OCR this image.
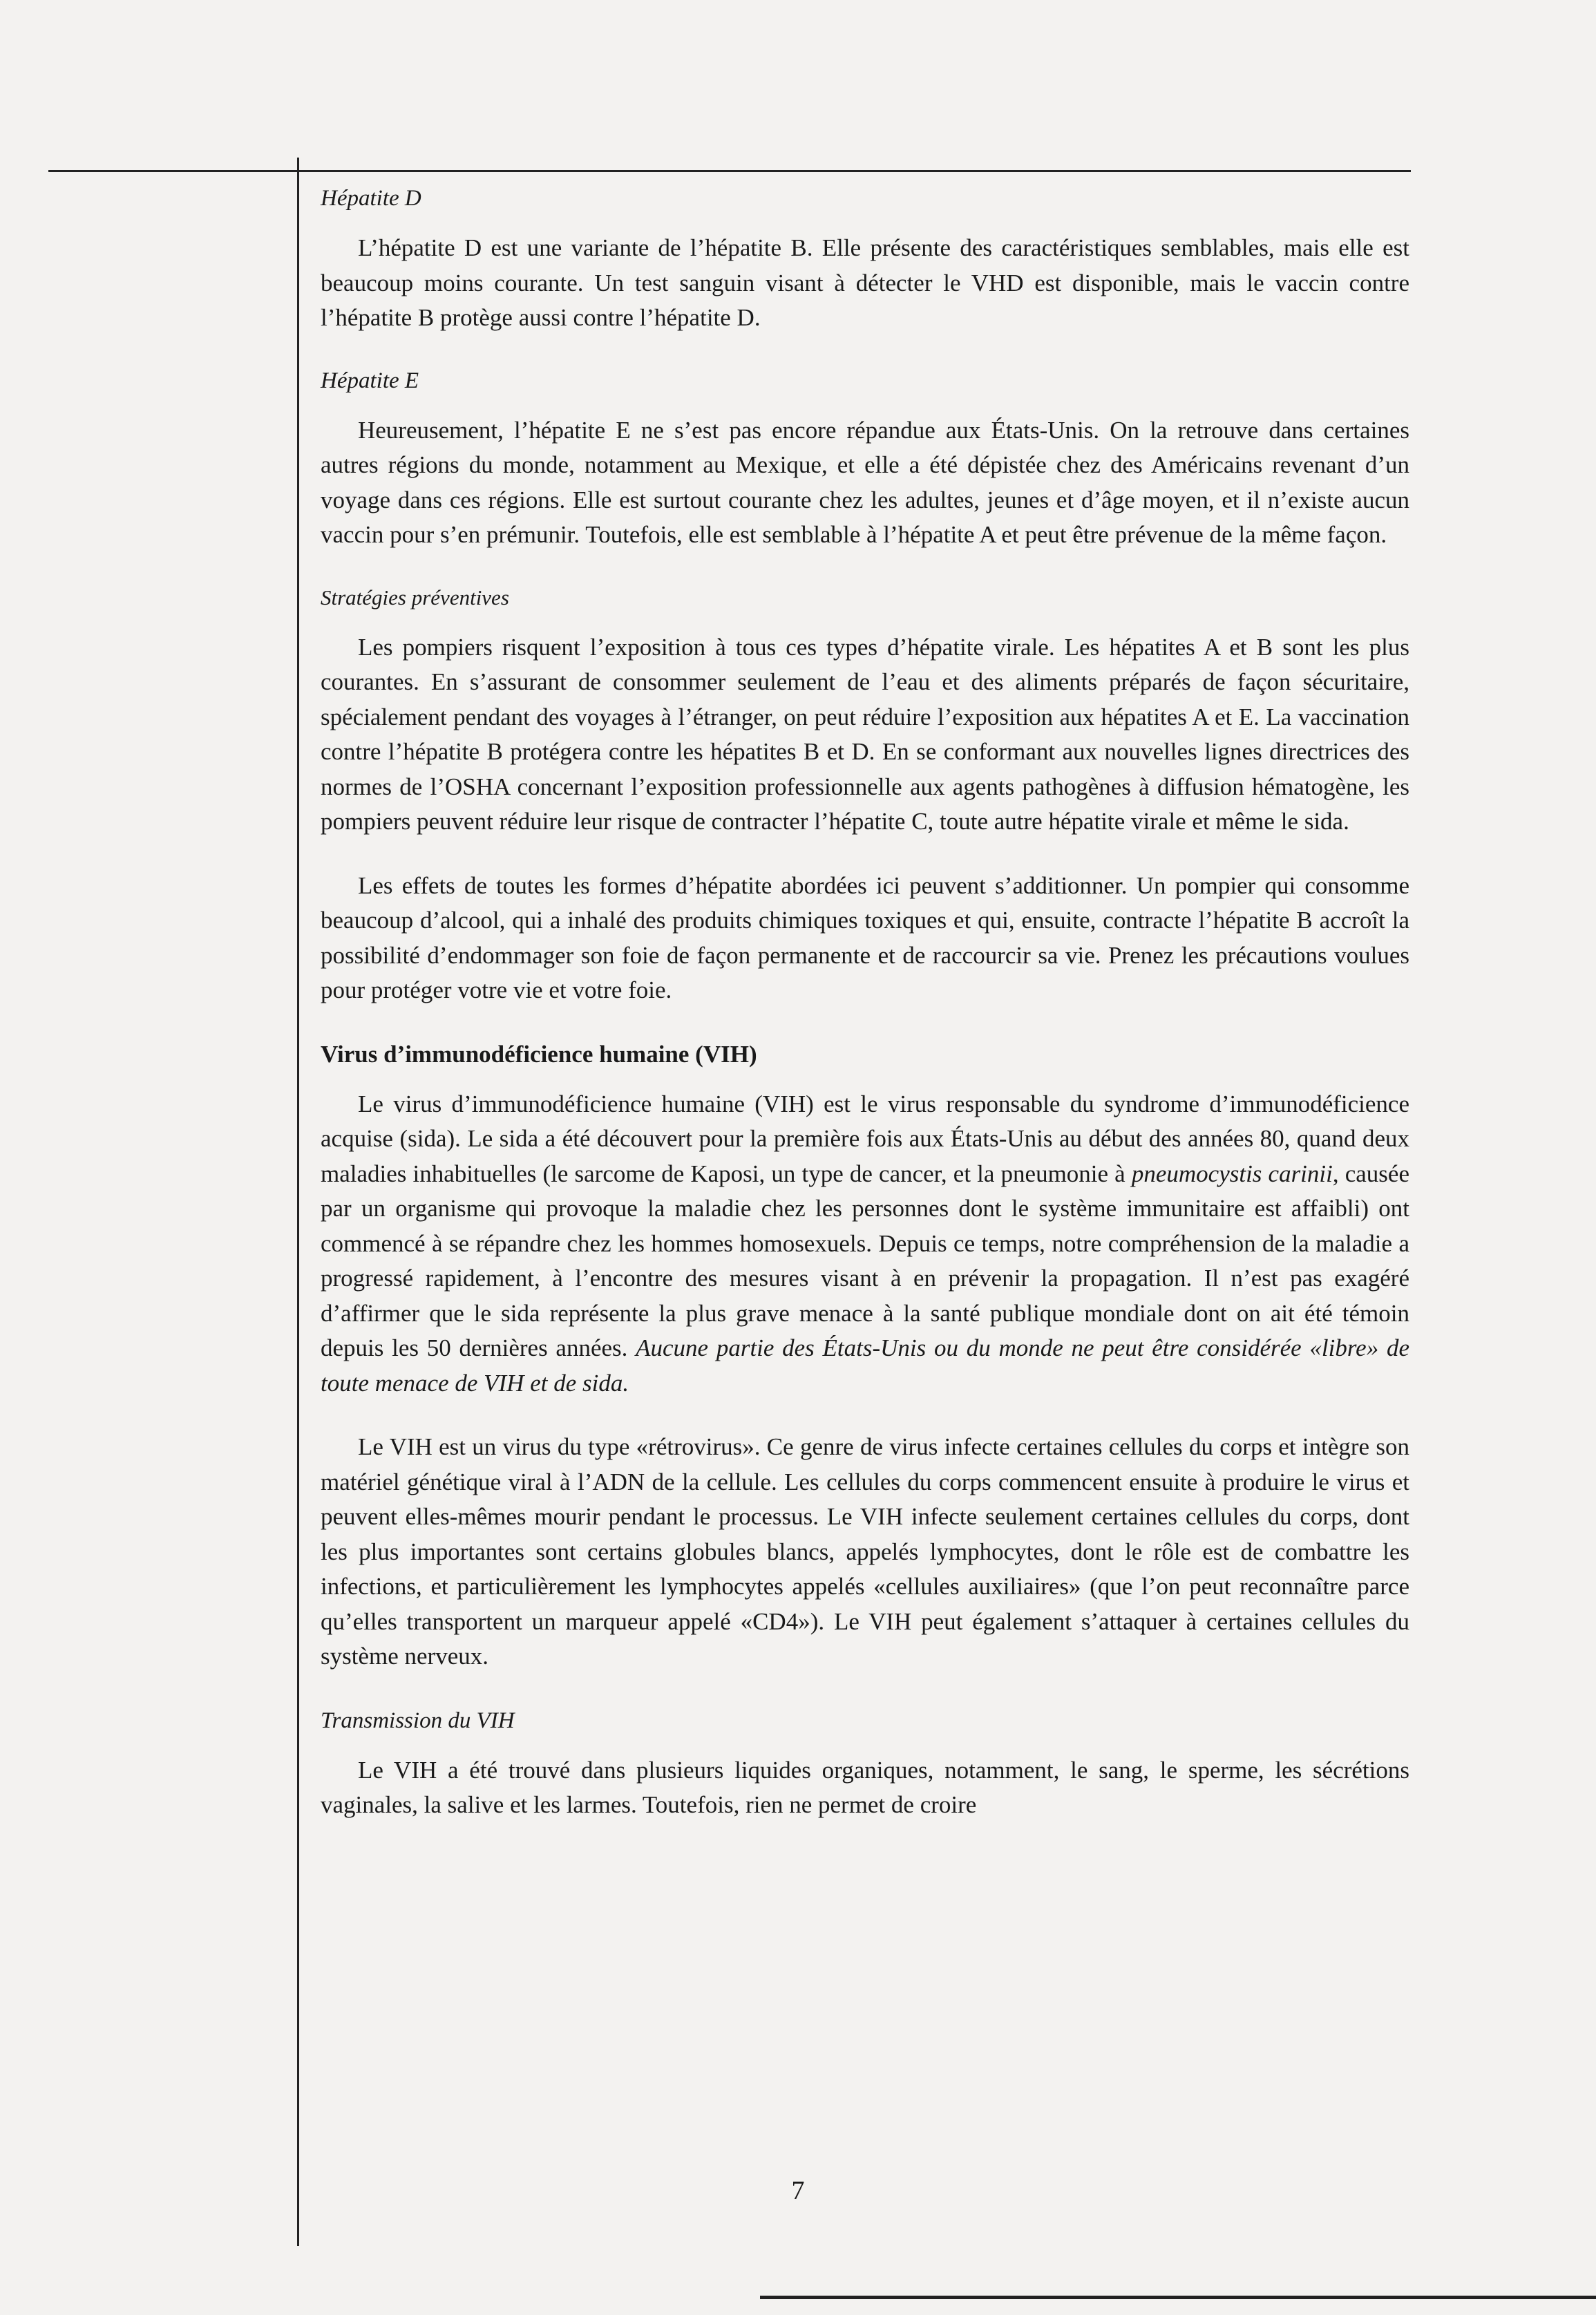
Hépatite D

L’hépatite D est une variante de l’hépatite B. Elle présente des caractéristiques semblables, mais elle est beaucoup moins courante. Un test sanguin visant à détecter le VHD est disponible, mais le vaccin contre l’hépatite B protège aussi contre l’hépatite D.

Hépatite E

Heureusement, l’hépatite E ne s’est pas encore répandue aux États-Unis. On la retrouve dans certaines autres régions du monde, notamment au Mexique, et elle a été dépistée chez des Américains revenant d’un voyage dans ces régions. Elle est surtout courante chez les adultes, jeunes et d’âge moyen, et il n’existe aucun vaccin pour s’en prémunir. Toutefois, elle est semblable à l’hépatite A et peut être prévenue de la même façon.

Stratégies préventives

Les pompiers risquent l’exposition à tous ces types d’hépatite virale. Les hépatites A et B sont les plus courantes. En s’assurant de consommer seulement de l’eau et des aliments préparés de façon sécuritaire, spécialement pendant des voyages à l’étranger, on peut réduire l’exposition aux hépatites A et E. La vaccination contre l’hépatite B protégera contre les hépatites B et D. En se conformant aux nouvelles lignes directrices des normes de l’OSHA concernant l’exposition professionnelle aux agents pathogènes à diffusion hématogène, les pompiers peuvent réduire leur risque de contracter l’hépatite C, toute autre hépatite virale et même le sida.

Les effets de toutes les formes d’hépatite abordées ici peuvent s’additionner. Un pompier qui consomme beaucoup d’alcool, qui a inhalé des produits chimiques toxiques et qui, ensuite, contracte l’hépatite B accroît la possibilité d’endommager son foie de façon permanente et de raccourcir sa vie. Prenez les précautions voulues pour protéger votre vie et votre foie.

Virus d’immunodéficience humaine (VIH)

Le virus d’immunodéficience humaine (VIH) est le virus responsable du syndrome d’immunodéficience acquise (sida). Le sida a été découvert pour la première fois aux États-Unis au début des années 80, quand deux maladies inhabituelles (le sarcome de Kaposi, un type de cancer, et la pneumonie à pneumocystis carinii, causée par un organisme qui provoque la maladie chez les personnes dont le système immunitaire est affaibli) ont commencé à se répandre chez les hommes homosexuels. Depuis ce temps, notre compréhension de la maladie a progressé rapidement, à l’encontre des mesures visant à en prévenir la propagation. Il n’est pas exagéré d’affirmer que le sida représente la plus grave menace à la santé publique mondiale dont on ait été témoin depuis les 50 dernières années. Aucune partie des États-Unis ou du monde ne peut être considérée «libre» de toute menace de VIH et de sida.

Le VIH est un virus du type «rétrovirus». Ce genre de virus infecte certaines cellules du corps et intègre son matériel génétique viral à l’ADN de la cellule. Les cellules du corps commencent ensuite à produire le virus et peuvent elles-mêmes mourir pendant le processus. Le VIH infecte seulement certaines cellules du corps, dont les plus importantes sont certains globules blancs, appelés lymphocytes, dont le rôle est de combattre les infections, et particulièrement les lymphocytes appelés «cellules auxiliaires» (que l’on peut reconnaître parce qu’elles transportent un marqueur appelé «CD4»). Le VIH peut également s’attaquer à certaines cellules du système nerveux.

Transmission du VIH

Le VIH a été trouvé dans plusieurs liquides organiques, notamment, le sang, le sperme, les sécrétions vaginales, la salive et les larmes. Toutefois, rien ne permet de croire

7
